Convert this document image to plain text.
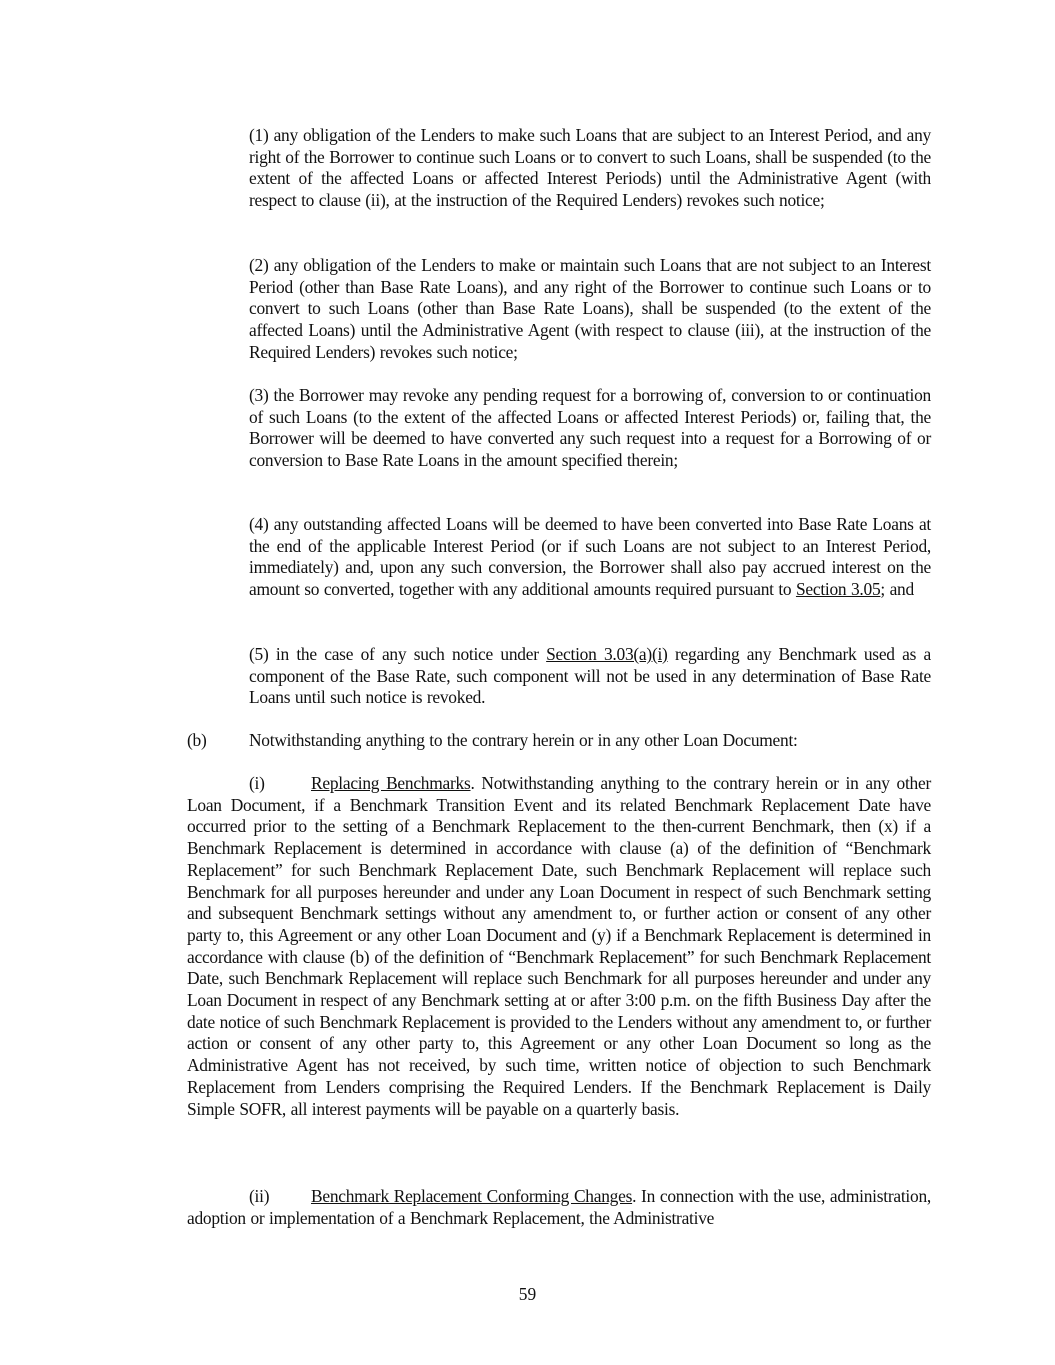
(1) any obligation of the Lenders to make such Loans that are subject to an Interest Period, and any right of the Borrower to continue such Loans or to convert to such Loans, shall be suspended (to the extent of the affected Loans or affected Interest Periods) until the Administrative Agent (with respect to clause (ii), at the instruction of the Required Lenders) revokes such notice;
(2) any obligation of the Lenders to make or maintain such Loans that are not subject to an Interest Period (other than Base Rate Loans), and any right of the Borrower to continue such Loans or to convert to such Loans (other than Base Rate Loans), shall be suspended (to the extent of the affected Loans) until the Administrative Agent (with respect to clause (iii), at the instruction of the Required Lenders) revokes such notice;
(3) the Borrower may revoke any pending request for a borrowing of, conversion to or continuation of such Loans (to the extent of the affected Loans or affected Interest Periods) or, failing that, the Borrower will be deemed to have converted any such request into a request for a Borrowing of or conversion to Base Rate Loans in the amount specified therein;
(4) any outstanding affected Loans will be deemed to have been converted into Base Rate Loans at the end of the applicable Interest Period (or if such Loans are not subject to an Interest Period, immediately) and, upon any such conversion, the Borrower shall also pay accrued interest on the amount so converted, together with any additional amounts required pursuant to Section 3.05; and
(5) in the case of any such notice under Section 3.03(a)(i) regarding any Benchmark used as a component of the Base Rate, such component will not be used in any determination of Base Rate Loans until such notice is revoked.
(b) Notwithstanding anything to the contrary herein or in any other Loan Document:
(i)	Replacing Benchmarks. Notwithstanding anything to the contrary herein or in any other Loan Document, if a Benchmark Transition Event and its related Benchmark Replacement Date have occurred prior to the setting of a Benchmark Replacement to the then-current Benchmark, then (x) if a Benchmark Replacement is determined in accordance with clause (a) of the definition of “Benchmark Replacement” for such Benchmark Replacement Date, such Benchmark Replacement will replace such Benchmark for all purposes hereunder and under any Loan Document in respect of such Benchmark setting and subsequent Benchmark settings without any amendment to, or further action or consent of any other party to, this Agreement or any other Loan Document and (y) if a Benchmark Replacement is determined in accordance with clause (b) of the definition of “Benchmark Replacement” for such Benchmark Replacement Date, such Benchmark Replacement will replace such Benchmark for all purposes hereunder and under any Loan Document in respect of any Benchmark setting at or after 3:00 p.m. on the fifth Business Day after the date notice of such Benchmark Replacement is provided to the Lenders without any amendment to, or further action or consent of any other party to, this Agreement or any other Loan Document so long as the Administrative Agent has not received, by such time, written notice of objection to such Benchmark Replacement from Lenders comprising the Required Lenders. If the Benchmark Replacement is Daily Simple SOFR, all interest payments will be payable on a quarterly basis.
(ii) Benchmark Replacement Conforming Changes. In connection with the use, administration, adoption or implementation of a Benchmark Replacement, the Administrative
59
